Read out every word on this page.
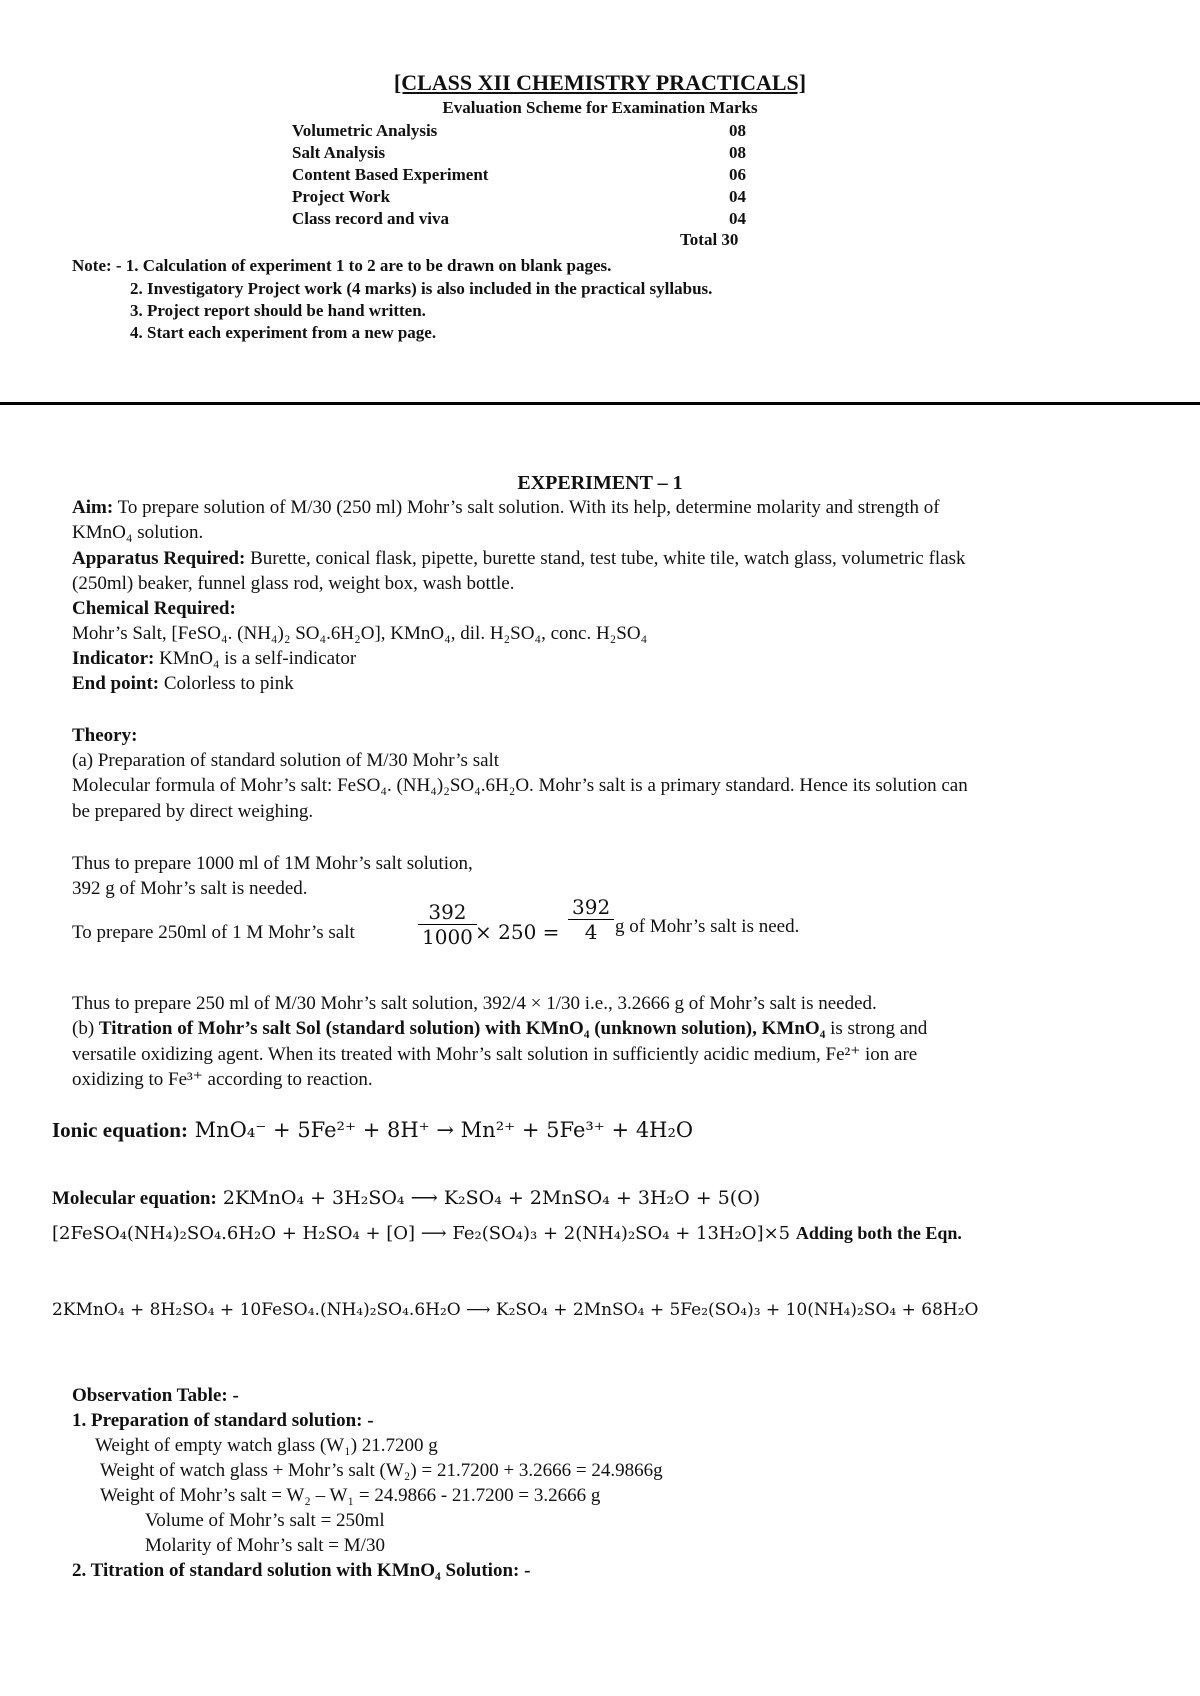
[CLASS XII CHEMISTRY PRACTICALS]
Evaluation Scheme for Examination Marks
Volumetric Analysis	08
Salt Analysis	08
Content Based Experiment	06
Project Work	04
Class record and viva	04
Total 30
Note: - 1. Calculation of experiment 1 to 2 are to be drawn on blank pages.
2. Investigatory Project work (4 marks) is also included in the practical syllabus.
3. Project report should be hand written.
4. Start each experiment from a new page.
EXPERIMENT – 1
Aim: To prepare solution of M/30 (250 ml) Mohr’s salt solution. With its help, determine molarity and strength of
KMnO₄ solution.
Apparatus Required: Burette, conical flask, pipette, burette stand, test tube, white tile, watch glass, volumetric flask
(250ml) beaker, funnel glass rod, weight box, wash bottle.
Chemical Required:
Mohr’s Salt, [FeSO₄. (NH₄)₂ SO₄.6H₂O], KMnO₄, dil. H₂SO₄, conc. H₂SO₄
Indicator: KMnO₄ is a self-indicator
End point: Colorless to pink
Theory:
(a) Preparation of standard solution of M/30 Mohr’s salt
Molecular formula of Mohr’s salt: FeSO₄. (NH₄)₂SO₄.6H₂O. Mohr’s salt is a primary standard. Hence its solution can
be prepared by direct weighing.
Thus to prepare 1000 ml of 1M Mohr’s salt solution,
392 g of Mohr’s salt is needed.
To prepare 250ml of 1 M Mohr’s salt	$\frac{392}{1000}$
× $250 = \frac{392}{4}$ g of Mohr’s salt is need.
Thus to prepare 250 ml of M/30 Mohr’s salt solution, 392/4 × 1/30 i.e., 3.2666 g of Mohr’s salt is needed.
(b) Titration of Mohr’s salt Sol (standard solution) with KMnO₄ (unknown solution), KMnO₄ is strong and
versatile oxidizing agent. When its treated with Mohr’s salt solution in sufficiently acidic medium, Fe²⁺ ion are
oxidizing to Fe³⁺ according to reaction.
Ionic equation: MnO₄⁻ + 5Fe²⁺ + 8H⁺ → Mn²⁺ + 5Fe³⁺ + 4H₂O
Molecular equation: 2KMnO₄ + 3H₂SO₄ ⟶ K₂SO₄ + 2MnSO₄ + 3H₂O + 5(O)
[2FeSO₄(NH₄)₂SO₄.6H₂O + H₂SO₄ + [O] ⟶ Fe₂(SO₄)₃ + 2(NH₄)₂SO₄ + 13H₂O]×5 Adding both the Eqn.
2KMnO₄ + 8H₂SO₄ + 10FeSO₄.(NH₄)₂SO₄.6H₂O ⟶ K₂SO₄ + 2MnSO₄ + 5Fe₂(SO₄)₃ + 10(NH₄)₂SO₄ + 68H₂O
Observation Table: -
1. Preparation of standard solution: -
Weight of empty watch glass (W₁) 21.7200 g
Weight of watch glass + Mohr’s salt (W₂) = 21.7200 + 3.2666 = 24.9866g
Weight of Mohr’s salt = W₂ – W₁ = 24.9866 - 21.7200 = 3.2666 g
Volume of Mohr’s salt = 250ml
Molarity of Mohr’s salt = M/30
2. Titration of standard solution with KMnO₄ Solution: -
